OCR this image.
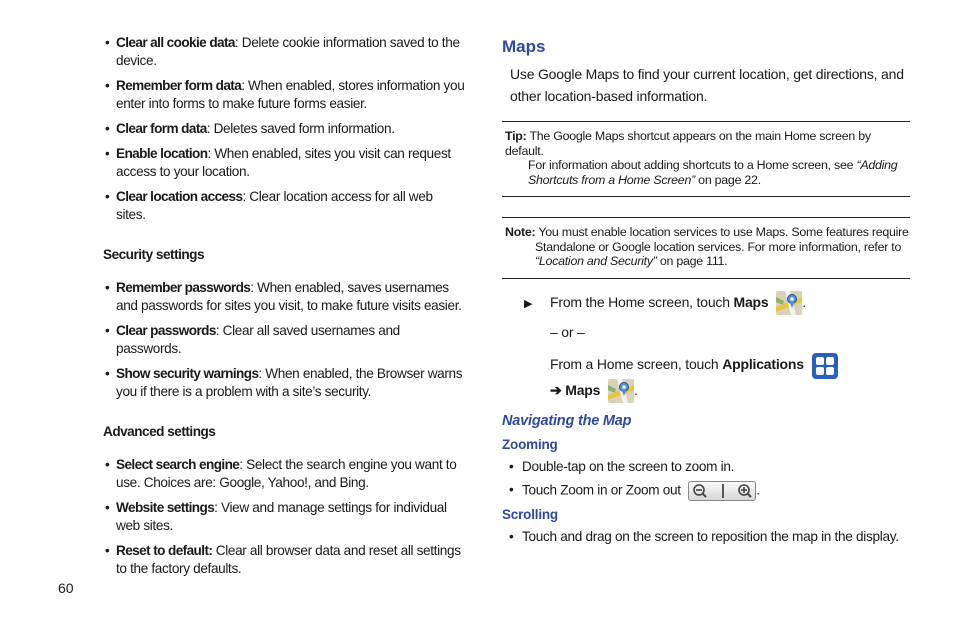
• Clear all cookie data: Delete cookie information saved to the device.
• Remember form data: When enabled, stores information you enter into forms to make future forms easier.
• Clear form data: Deletes saved form information.
• Enable location: When enabled, sites you visit can request access to your location.
• Clear location access: Clear location access for all web sites.
Security settings
• Remember passwords: When enabled, saves usernames and passwords for sites you visit, to make future visits easier.
• Clear passwords: Clear all saved usernames and passwords.
• Show security warnings: When enabled, the Browser warns you if there is a problem with a site’s security.
Advanced settings
• Select search engine: Select the search engine you want to use. Choices are: Google, Yahoo!, and Bing.
• Website settings: View and manage settings for individual web sites.
• Reset to default: Clear all browser data and reset all settings to the factory defaults.
Maps
Use Google Maps to find your current location, get directions, and other location-based information.
Tip: The Google Maps shortcut appears on the main Home screen by default.
For information about adding shortcuts to a Home screen, see “Adding
Shortcuts from a Home Screen” on page 22.
Note: You must enable location services to use Maps. Some features require
Standalone or Google location services. For more information, refer to
“Location and Security” on page 111.
▶ From the Home screen, touch Maps .
– or –
From a Home screen, touch Applications
➔ Maps .
Navigating the Map
Zooming
• Double-tap on the screen to zoom in.
• Touch Zoom in or Zoom out	.
Scrolling
• Touch and drag on the screen to reposition the map in the display.
60
